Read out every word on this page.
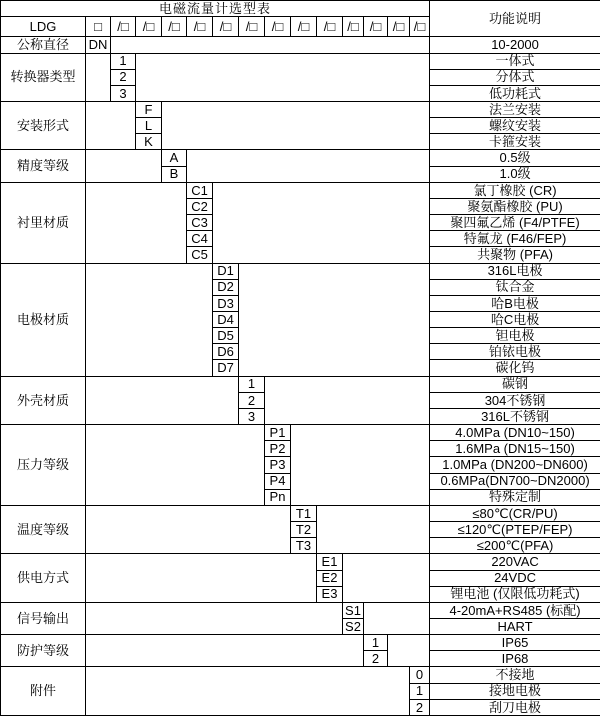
电磁流量计选型表															功能说明
LDG	□	/□	/□	/□	/□	/□	/□	/□	/□	/□	/□	/□	/□	/□	
公称直径	DN														10-2000
转换器类型		1													一体式
		2													分体式
		3													低功耗式
安装形式			F												法兰安装
			L												螺纹安装
			K												卡箍安装
精度等级				A											0.5级
				B											1.0级
衬里材质					C1										氯丁橡胶 (CR)
					C2										聚氨酯橡胶 (PU)
					C3										聚四氟乙烯 (F4/PTFE)
					C4										特氟龙 (F46/FEP)
					C5										共聚物 (PFA)
电极材质						D1									316L电极
						D2									钛合金
						D3									哈B电极
						D4									哈C电极
						D5									钽电极
						D6									铂铱电极
						D7									碳化钨
外壳材质							1								碳钢
							2								304不锈钢
							3								316L不锈钢
压力等级								P1							4.0MPa (DN10~150)
								P2							1.6MPa (DN15~150)
								P3							1.0MPa (DN200~DN600)
								P4							0.6MPa(DN700~DN2000)
								Pn							特殊定制
温度等级									T1						≤80℃(CR/PU)
									T2						≤120℃(PTEP/FEP)
									T3						≤200℃(PFA)
供电方式										E1					220VAC
										E2					24VDC
										E3					锂电池 (仅限低功耗式)
信号输出											S1				4-20mA+RS485 (标配)
											S2				HART
防护等级												1			IP65
												2			IP68
附件														0	不接地
														1	接地电极
														2	刮刀电极
